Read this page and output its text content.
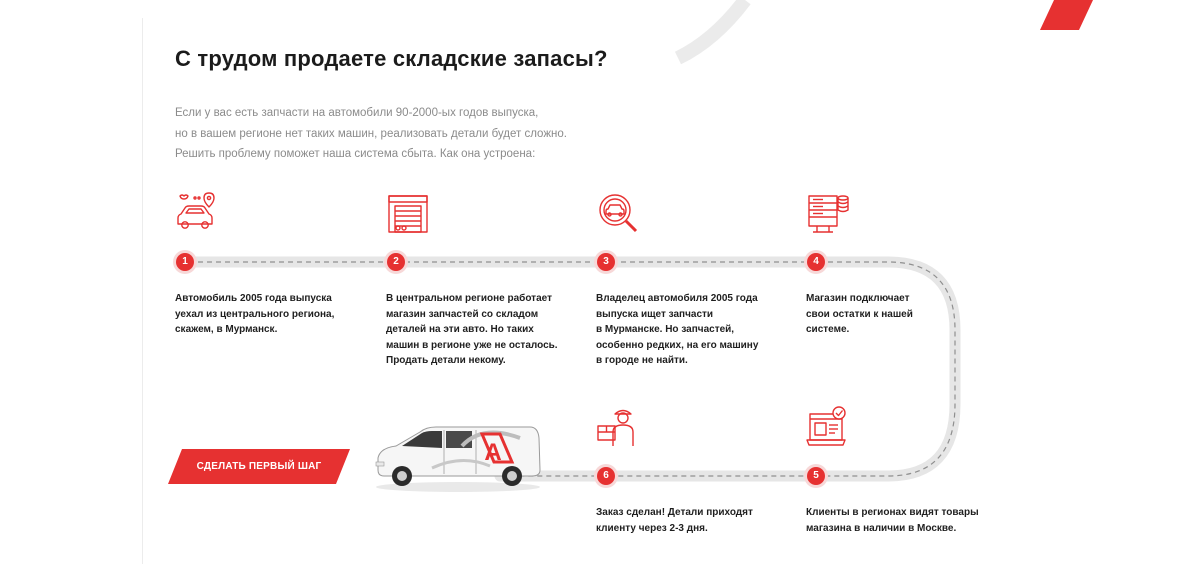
С трудом продаете складские запасы?
Если у вас есть запчасти на автомобили 90-2000-ых годов выпуска,
но в вашем регионе нет таких машин, реализовать детали будет сложно.
Решить проблему поможет наша система сбыта. Как она устроена:
1
Автомобиль 2005 года выпуска
уехал из центрального региона,
скажем, в Мурманск.
2
В центральном регионе работает
магазин запчастей со складом
деталей на эти авто. Но таких
машин в регионе уже не осталось.
Продать детали некому.
3
Владелец автомобиля 2005 года
выпуска ищет запчасти
в Мурманске. Но запчастей,
особенно редких, на его машину
в городе не найти.
4
Магазин подключает
свои остатки к нашей
системе.
6
Заказ сделан! Детали приходят
клиенту через 2-3 дня.
5
Клиенты в регионах видят товары
магазина в наличии в Москве.
СДЕЛАТЬ ПЕРВЫЙ ШАГ
A
